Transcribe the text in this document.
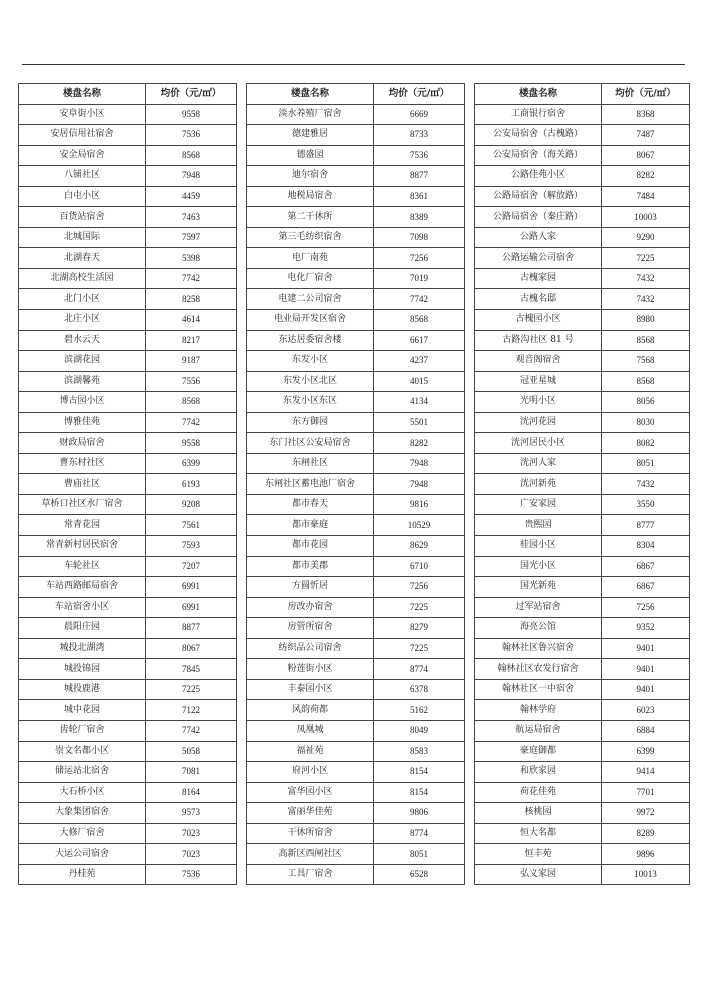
楼盘名称	均价（元/㎡）
安阜街小区	9558
安居信用社宿舍	7536
安全局宿舍	8568
八铺社区	7948
白屯小区	4459
百货站宿舍	7463
北城国际	7597
北湖春天	5398
北湖高校生活园	7742
北门小区	8258
北庄小区	4614
碧水云天	8217
滨湖花园	9187
滨湖馨苑	7556
博古园小区	8568
博雅佳苑	7742
财政局宿舍	9558
曹东村社区	6399
曹庙社区	6193
草桥口社区水厂宿舍	9208
常青花园	7561
常青新村居民宿舍	7593
车轮社区	7207
车站西路邮局宿舍	6991
车站宿舍小区	6991
晨阳庄园	8877
城投北湖湾	8067
城投锦园	7845
城投鹿港	7225
城中花园	7122
齿轮厂宿舍	7742
崇文名都小区	5058
储运站北宿舍	7081
大石桥小区	8164
大象集团宿舍	9573
大修厂宿舍	7023
大运公司宿舍	7023
丹桂苑	7536
楼盘名称	均价（元/㎡）
淡水养殖厂宿舍	6669
德建雅居	8733
德盛园	7536
迪尔宿舍	8877
地税局宿舍	8361
第二干休所	8389
第三毛纺织宿舍	7098
电厂南苑	7256
电化厂宿舍	7019
电建二公司宿舍	7742
电业局开发区宿舍	8568
东达居委宿舍楼	6617
东发小区	4237
东发小区北区	4015
东发小区东区	4134
东方御园	5501
东门社区公安局宿舍	8282
东闸社区	7948
东闸社区蓄电池厂宿舍	7948
都市春天	9816
都市豪庭	10529
都市花园	8629
都市美郡	6710
方圆忻居	7256
房改办宿舍	7225
房管所宿舍	8279
纺织品公司宿舍	7225
粉莲街小区	8774
丰泰园小区	6378
风韵荷都	5162
凤凰城	8049
福祉苑	8583
府河小区	8154
富华园小区	8154
富丽华佳苑	9806
干休所宿舍	8774
高新区西闸社区	8051
工具厂宿舍	6528
楼盘名称	均价（元/㎡）
工商银行宿舍	8368
公安局宿舍（古槐路）	7487
公安局宿舍（海关路）	8067
公路佳苑小区	8282
公路局宿舍（解放路）	7484
公路局宿舍（秦庄路）	10003
公路人家	9290
公路运输公司宿舍	7225
古槐家园	7432
古槐名邸	7432
古槐园小区	8980
古路沟社区 81 号	8568
观音阁宿舍	7568
冠亚星城	8568
光明小区	8056
洸河花园	8030
洸河居民小区	8082
洸河人家	8051
洸河新苑	7432
广安家园	3550
贵熙园	8777
桂园小区	8304
国光小区	6867
国光新苑	6867
过军站宿舍	7256
海亮公馆	9352
翰林社区鲁兴宿舍	9401
翰林社区农发行宿舍	9401
翰林社区一中宿舍	9401
翰林学府	6023
航运局宿舍	6884
豪庭御都	6399
和欣家园	9414
荷花佳苑	7701
核桃园	9972
恒大名都	8289
恒丰苑	9896
弘义家园	10013
